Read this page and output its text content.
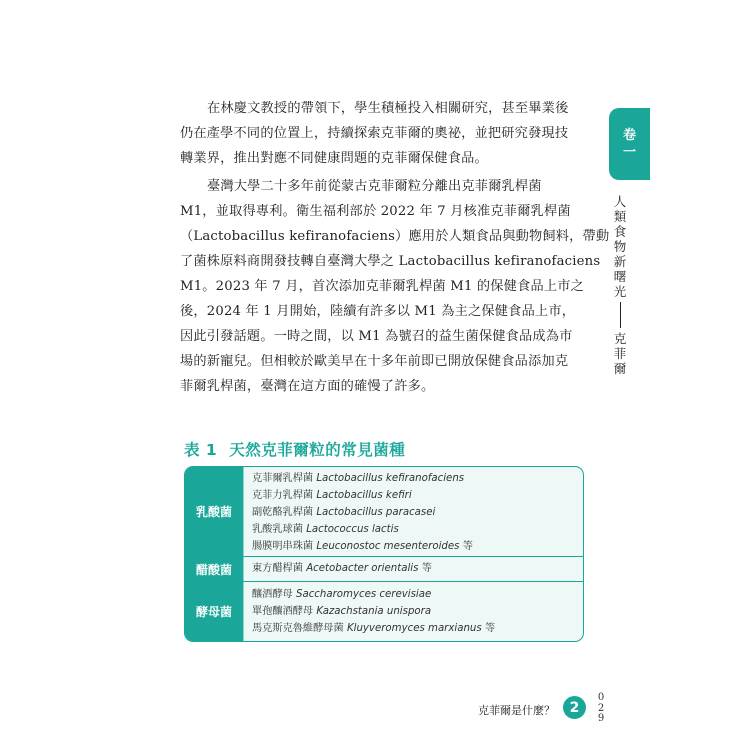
在林慶文教授的帶領下，學生積極投入相關研究，甚至畢業後
仍在產學不同的位置上，持續探索克菲爾的奧祕，並把研究發現技
轉業界，推出對應不同健康問題的克菲爾保健食品。

臺灣大學二十多年前從蒙古克菲爾粒分離出克菲爾乳桿菌
M1，並取得專利。衛生福利部於 2022 年 7 月核准克菲爾乳桿菌
（Lactobacillus kefiranofaciens）應用於人類食品與動物飼料，帶動
了菌株原料商開發技轉自臺灣大學之 Lactobacillus kefiranofaciens
M1。2023 年 7 月，首次添加克菲爾乳桿菌 M1 的保健食品上市之
後，2024 年 1 月開始，陸續有許多以 M1 為主之保健食品上市，
因此引發話題。一時之間，以 M1 為號召的益生菌保健食品成為市
場的新寵兒。但相較於歐美早在十多年前即已開放保健食品添加克
菲爾乳桿菌，臺灣在這方面的確慢了許多。

表 1 天然克菲爾粒的常見菌種
乳酸菌
克菲爾乳桿菌 Lactobacillus kefiranofaciens
克菲力乳桿菌 Lactobacillus kefiri
副乾酪乳桿菌 Lactobacillus paracasei
乳酸乳球菌 Lactococcus lactis
腸膜明串珠菌 Leuconostoc mesenteroides 等
醋酸菌	東方醋桿菌 Acetobacter orientalis 等
酵母菌
釀酒酵母 Saccharomyces cerevisiae
單孢釀酒酵母 Kazachstania unispora
馬克斯克魯維酵母菌 Kluyveromyces marxianus 等
卷一
人類食物新曙光
克菲爾
克菲爾是什麼？	2
0
2
9
